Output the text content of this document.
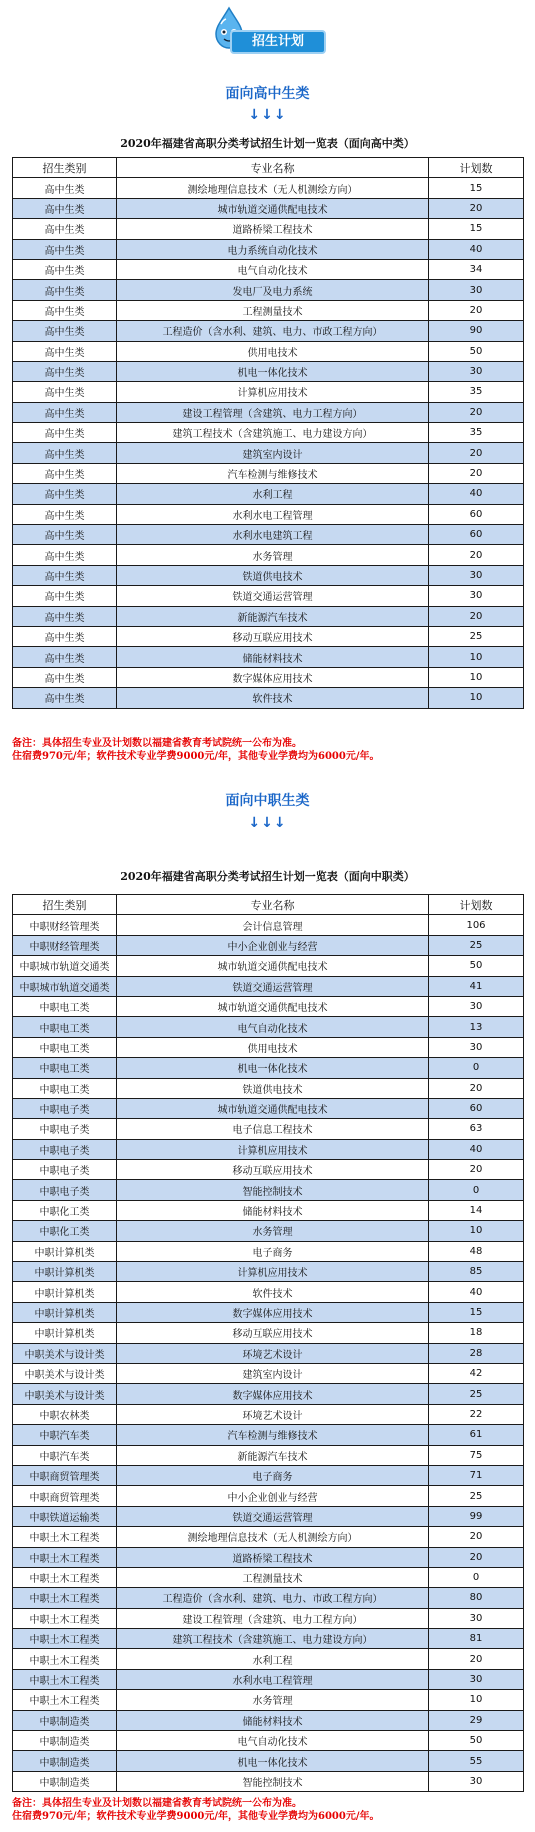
招生计划
面向高中生类
↓↓↓
2020年福建省高职分类考试招生计划一览表（面向高中类）
招生类别	专业名称	计划数
高中生类	测绘地理信息技术（无人机测绘方向）	15
高中生类	城市轨道交通供配电技术	20
高中生类	道路桥梁工程技术	15
高中生类	电力系统自动化技术	40
高中生类	电气自动化技术	34
高中生类	发电厂及电力系统	30
高中生类	工程测量技术	20
高中生类	工程造价（含水利、建筑、电力、市政工程方向）	90
高中生类	供用电技术	50
高中生类	机电一体化技术	30
高中生类	计算机应用技术	35
高中生类	建设工程管理（含建筑、电力工程方向）	20
高中生类	建筑工程技术（含建筑施工、电力建设方向）	35
高中生类	建筑室内设计	20
高中生类	汽车检测与维修技术	20
高中生类	水利工程	40
高中生类	水利水电工程管理	60
高中生类	水利水电建筑工程	60
高中生类	水务管理	20
高中生类	铁道供电技术	30
高中生类	铁道交通运营管理	30
高中生类	新能源汽车技术	20
高中生类	移动互联应用技术	25
高中生类	储能材料技术	10
高中生类	数字媒体应用技术	10
高中生类	软件技术	10
备注：具体招生专业及计划数以福建省教育考试院统一公布为准。
住宿费970元/年；软件技术专业学费9000元/年，其他专业学费均为6000元/年。
面向中职生类
↓↓↓
2020年福建省高职分类考试招生计划一览表（面向中职类）
招生类别	专业名称	计划数
中职财经管理类	会计信息管理	106
中职财经管理类	中小企业创业与经营	25
中职城市轨道交通类	城市轨道交通供配电技术	50
中职城市轨道交通类	铁道交通运营管理	41
中职电工类	城市轨道交通供配电技术	30
中职电工类	电气自动化技术	13
中职电工类	供用电技术	30
中职电工类	机电一体化技术	0
中职电工类	铁道供电技术	20
中职电子类	城市轨道交通供配电技术	60
中职电子类	电子信息工程技术	63
中职电子类	计算机应用技术	40
中职电子类	移动互联应用技术	20
中职电子类	智能控制技术	0
中职化工类	储能材料技术	14
中职化工类	水务管理	10
中职计算机类	电子商务	48
中职计算机类	计算机应用技术	85
中职计算机类	软件技术	40
中职计算机类	数字媒体应用技术	15
中职计算机类	移动互联应用技术	18
中职美术与设计类	环境艺术设计	28
中职美术与设计类	建筑室内设计	42
中职美术与设计类	数字媒体应用技术	25
中职农林类	环境艺术设计	22
中职汽车类	汽车检测与维修技术	61
中职汽车类	新能源汽车技术	75
中职商贸管理类	电子商务	71
中职商贸管理类	中小企业创业与经营	25
中职铁道运输类	铁道交通运营管理	99
中职土木工程类	测绘地理信息技术（无人机测绘方向）	20
中职土木工程类	道路桥梁工程技术	20
中职土木工程类	工程测量技术	0
中职土木工程类	工程造价（含水利、建筑、电力、市政工程方向）	80
中职土木工程类	建设工程管理（含建筑、电力工程方向）	30
中职土木工程类	建筑工程技术（含建筑施工、电力建设方向）	81
中职土木工程类	水利工程	20
中职土木工程类	水利水电工程管理	30
中职土木工程类	水务管理	10
中职制造类	储能材料技术	29
中职制造类	电气自动化技术	50
中职制造类	机电一体化技术	55
中职制造类	智能控制技术	30
备注：具体招生专业及计划数以福建省教育考试院统一公布为准。
住宿费970元/年；软件技术专业学费9000元/年，其他专业学费均为6000元/年。
